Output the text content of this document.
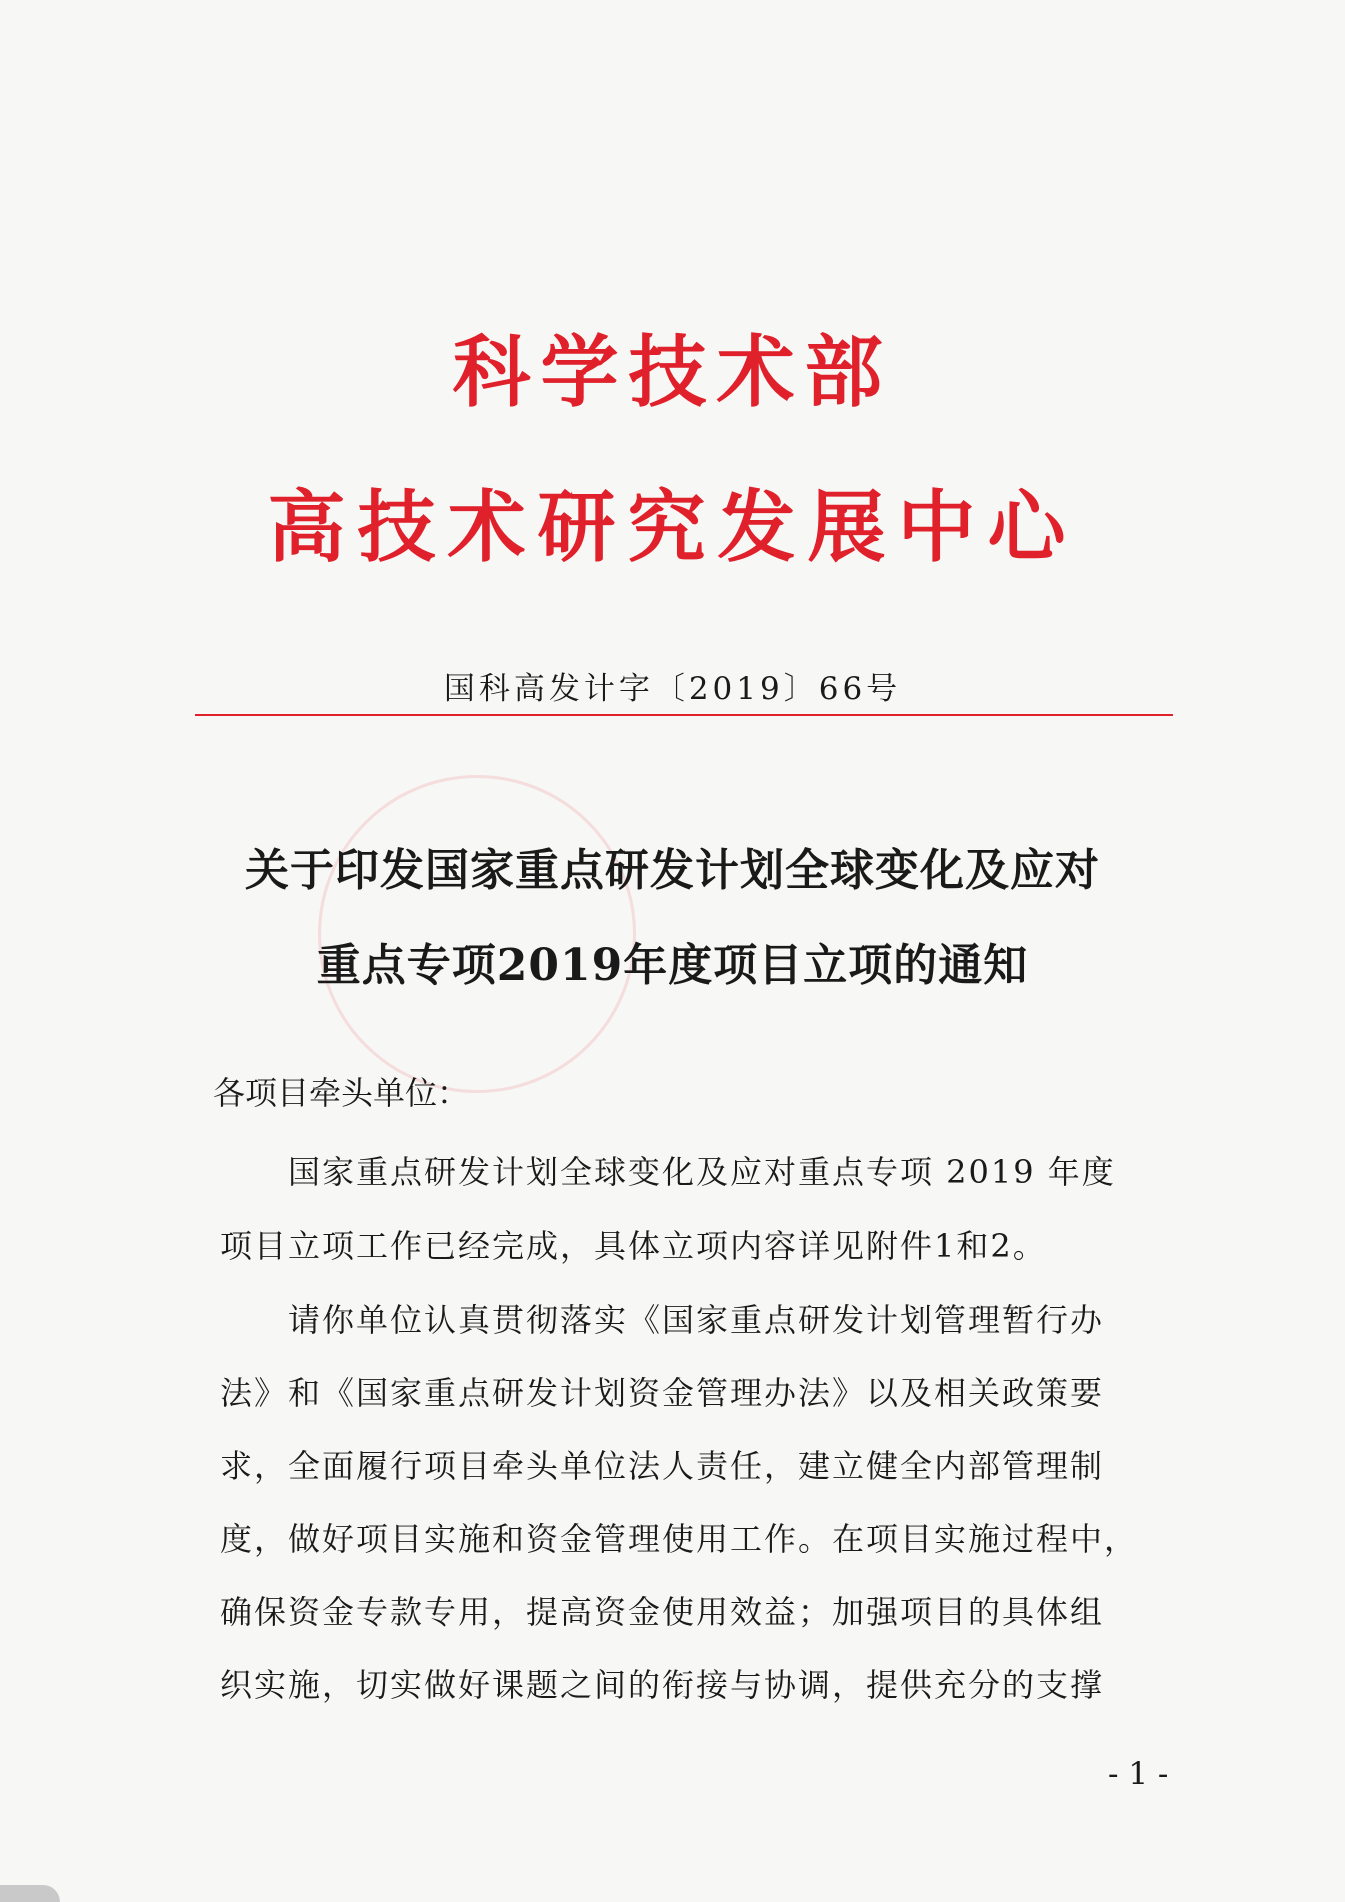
科学技术部
高技术研究发展中心
国科高发计字〔2019〕66号
关于印发国家重点研发计划全球变化及应对
重点专项2019年度项目立项的通知
各项目牵头单位：
　　国家重点研发计划全球变化及应对重点专项 2019 年度
项目立项工作已经完成，具体立项内容详见附件1和2。
　　请你单位认真贯彻落实《国家重点研发计划管理暂行办
法》和《国家重点研发计划资金管理办法》以及相关政策要
求，全面履行项目牵头单位法人责任，建立健全内部管理制
度，做好项目实施和资金管理使用工作。在项目实施过程中，
确保资金专款专用，提高资金使用效益；加强项目的具体组
织实施，切实做好课题之间的衔接与协调，提供充分的支撑
- 1 -
